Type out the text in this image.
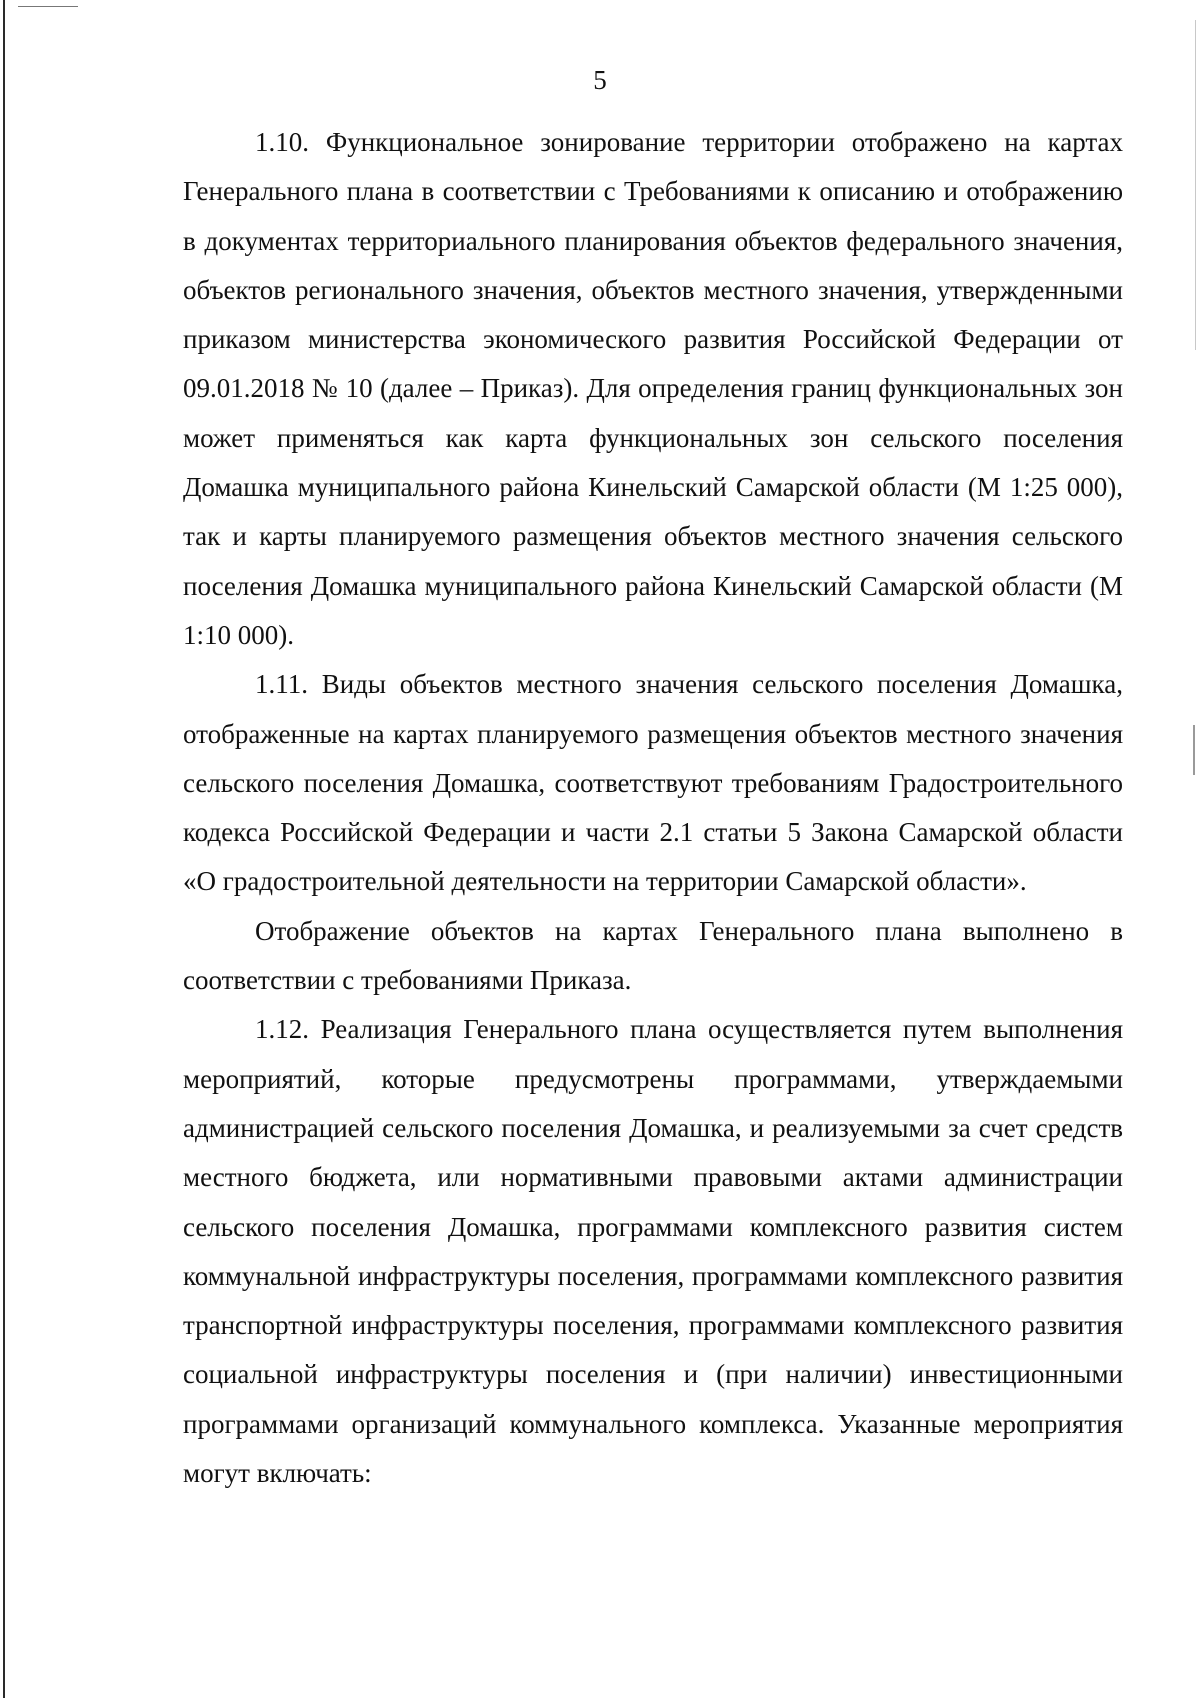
5

1.10. Функциональное зонирование территории отображено на картах Генерального плана в соответствии с Требованиями к описанию и отображению в документах территориального планирования объектов федерального значения, объектов регионального значения, объектов местного значения, утвержденными приказом министерства экономического развития Российской Федерации от 09.01.2018 № 10 (далее – Приказ). Для определения границ функциональных зон может применяться как карта функциональных зон сельского поселения Домашка муниципального района Кинельский Самарской области (М 1:25 000), так и карты планируемого размещения объектов местного значения сельского поселения Домашка муниципального района Кинельский Самарской области (М 1:10 000).

1.11. Виды объектов местного значения сельского поселения Домашка, отображенные на картах планируемого размещения объектов местного значения сельского поселения Домашка, соответствуют требованиям Градостроительного кодекса Российской Федерации и части 2.1 статьи 5 Закона Самарской области «О градостроительной деятельности на территории Самарской области».

Отображение объектов на картах Генерального плана выполнено в соответствии с требованиями Приказа.

1.12. Реализация Генерального плана осуществляется путем выполнения мероприятий, которые предусмотрены программами, утверждаемыми администрацией сельского поселения Домашка, и реализуемыми за счет средств местного бюджета, или нормативными правовыми актами администрации сельского поселения Домашка, программами комплексного развития систем коммунальной инфраструктуры поселения, программами комплексного развития транспортной инфраструктуры поселения, программами комплексного развития социальной инфраструктуры поселения и (при наличии) инвестиционными программами организаций коммунального комплекса. Указанные мероприятия могут включать:
